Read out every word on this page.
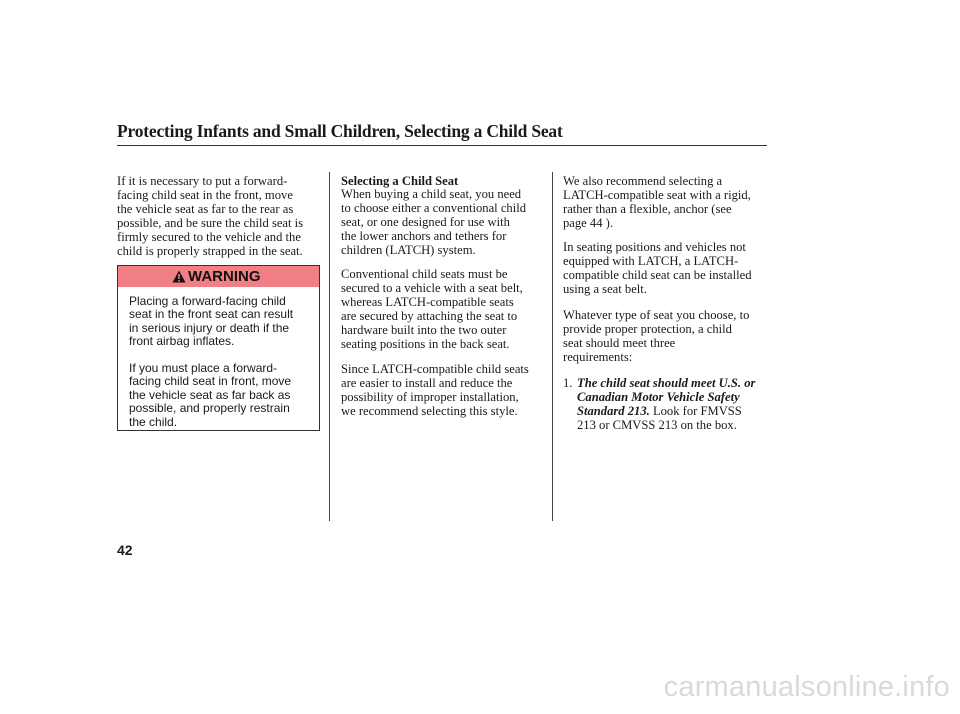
Protecting Infants and Small Children, Selecting a Child Seat

If it is necessary to put a forward-
facing child seat in the front, move
the vehicle seat as far to the rear as
possible, and be sure the child seat is
firmly secured to the vehicle and the
child is properly strapped in the seat.

WARNING

Placing a forward-facing child
seat in the front seat can result
in serious injury or death if the
front airbag inflates.

If you must place a forward-
facing child seat in front, move
the vehicle seat as far back as
possible, and properly restrain
the child.

Selecting a Child Seat

When buying a child seat, you need
to choose either a conventional child
seat, or one designed for use with
the lower anchors and tethers for
children (LATCH) system.

Conventional child seats must be
secured to a vehicle with a seat belt,
whereas LATCH-compatible seats
are secured by attaching the seat to
hardware built into the two outer
seating positions in the back seat.

Since LATCH-compatible child seats
are easier to install and reduce the
possibility of improper installation,
we recommend selecting this style.

We also recommend selecting a
LATCH-compatible seat with a rigid,
rather than a flexible, anchor (see
page 44 ).

In seating positions and vehicles not
equipped with LATCH, a LATCH-
compatible child seat can be installed
using a seat belt.

Whatever type of seat you choose, to
provide proper protection, a child
seat should meet three
requirements:

1. The child seat should meet U.S. or
Canadian Motor Vehicle Safety
Standard 213. Look for FMVSS
213 or CMVSS 213 on the box.
42
carmanualsonline.info
